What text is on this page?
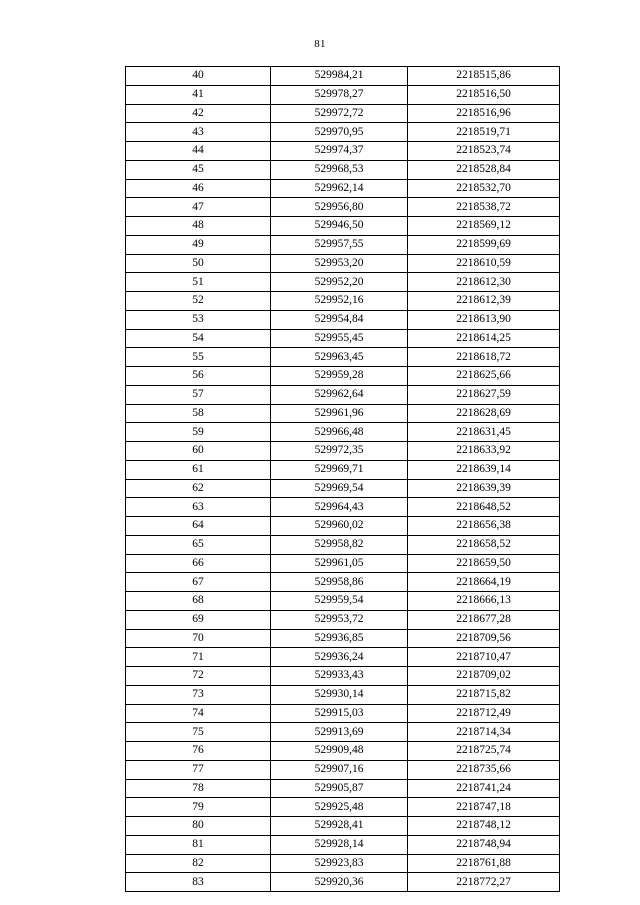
81
40	529984,21	2218515,86
41	529978,27	2218516,50
42	529972,72	2218516,96
43	529970,95	2218519,71
44	529974,37	2218523,74
45	529968,53	2218528,84
46	529962,14	2218532,70
47	529956,80	2218538,72
48	529946,50	2218569,12
49	529957,55	2218599,69
50	529953,20	2218610,59
51	529952,20	2218612,30
52	529952,16	2218612,39
53	529954,84	2218613,90
54	529955,45	2218614,25
55	529963,45	2218618,72
56	529959,28	2218625,66
57	529962,64	2218627,59
58	529961,96	2218628,69
59	529966,48	2218631,45
60	529972,35	2218633,92
61	529969,71	2218639,14
62	529969,54	2218639,39
63	529964,43	2218648,52
64	529960,02	2218656,38
65	529958,82	2218658,52
66	529961,05	2218659,50
67	529958,86	2218664,19
68	529959,54	2218666,13
69	529953,72	2218677,28
70	529936,85	2218709,56
71	529936,24	2218710,47
72	529933,43	2218709,02
73	529930,14	2218715,82
74	529915,03	2218712,49
75	529913,69	2218714,34
76	529909,48	2218725,74
77	529907,16	2218735,66
78	529905,87	2218741,24
79	529925,48	2218747,18
80	529928,41	2218748,12
81	529928,14	2218748,94
82	529923,83	2218761,88
83	529920,36	2218772,27
